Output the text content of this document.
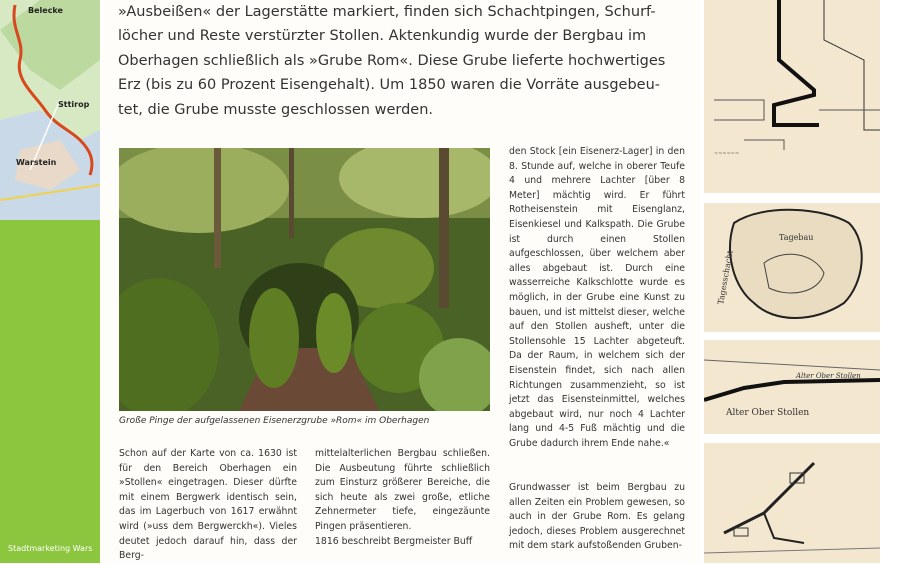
Belecke
Sttirop
Warstein
Stadtmarketing Wars

»Ausbeißen« der Lagerstätte markiert, finden sich Schachtpingen, Schurf-
löcher und Reste verstürzter Stollen. Aktenkundig wurde der Bergbau im
Oberhagen schließlich als »Grube Rom«. Diese Grube lieferte hochwertiges
Erz (bis zu 60 Prozent Eisengehalt). Um 1850 waren die Vorräte ausgebeu-
tet, die Grube musste geschlossen werden.

Große Pinge der aufgelassenen Eisenerzgrube »Rom« im Oberhagen

Schon auf der Karte von ca. 1630 ist für den Bereich Oberhagen ein »Stollen« eingetragen. Dieser dürfte mit einem Bergwerk identisch sein, das im Lagerbuch von 1617 erwähnt wird (»uss dem Bergwerckh«). Vieles deutet jedoch darauf hin, dass der Berg-

mittelalterlichen Bergbau schließen. Die Ausbeutung führte schließlich zum Einsturz größerer Bereiche, die sich heute als zwei große, etliche Zehnermeter tiefe, eingezäunte Pingen präsentieren.
1816 beschreibt Bergmeister Buff

den Stock [ein Eisenerz-Lager] in den 8. Stunde auf, welche in oberer Teufe 4 und mehrere Lachter [über 8 Meter] mächtig wird. Er führt Rotheisenstein mit Eisenglanz, Eisenkiesel und Kalkspath. Die Grube ist durch einen Stollen aufgeschlossen, über welchem aber alles abgebaut ist. Durch eine wasserreiche Kalkschlotte wurde es möglich, in der Grube eine Kunst zu bauen, und ist mittelst dieser, welche auf den Stollen ausheft, unter die Stollensohle 15 Lachter abgeteuft. Da der Raum, in welchem sich der Eisenstein findet, sich nach allen Richtungen zusammenzieht, so ist jetzt das Eisensteinmittel, welches abgebaut wird, nur noch 4 Lachter lang und 4-5 Fuß mächtig und die Grube dadurch ihrem Ende nahe.«

Grundwasser ist beim Bergbau zu allen Zeiten ein Problem gewesen, so auch in der Grube Rom. Es gelang jedoch, dieses Problem ausgerechnet mit dem stark aufstoßenden Gruben-

~~~~~~
Tagebau
Tagesschacht
Alter Ober Stollen
Alter Ober Stollen
